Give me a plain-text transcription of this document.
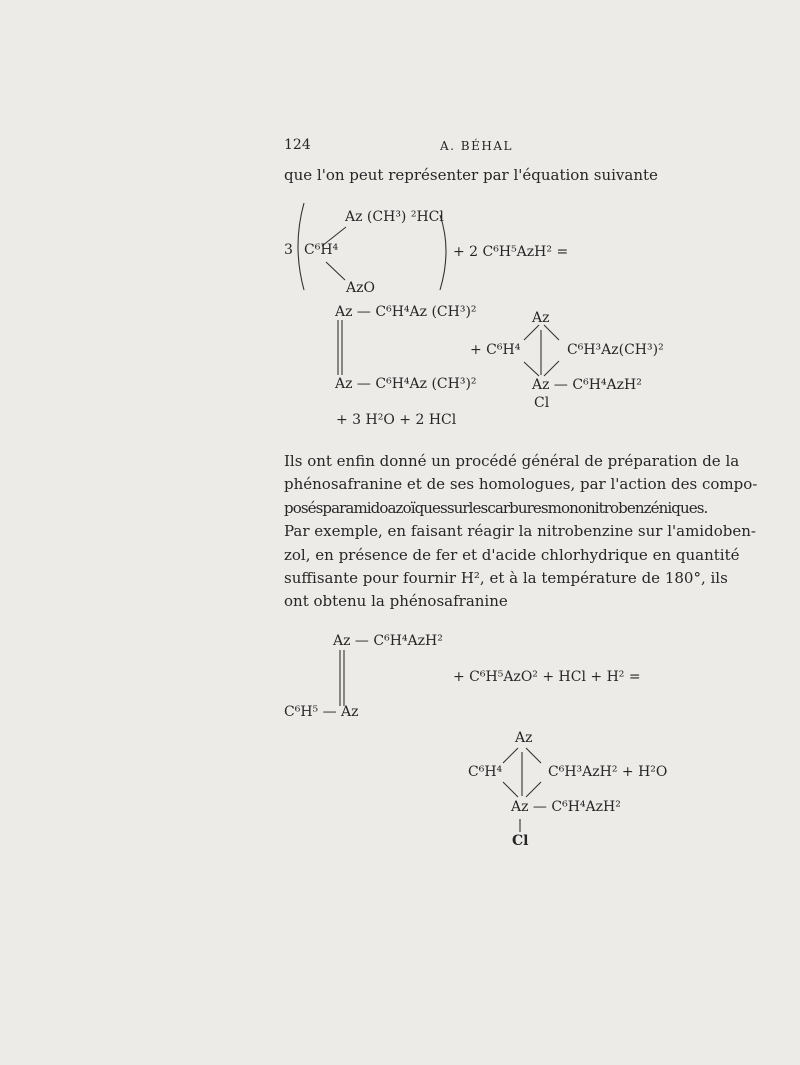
124	A. BÉHAL
que l'on peut représenter par l'équation suivante
3
Az (CH³) ²HCl
C⁶H⁴
AzO
+ 2 C⁶H⁵AzH² =
Az — C⁶H⁴Az (CH³)²
Az — C⁶H⁴Az (CH³)²
+ 3 H²O + 2 HCl
Az
+ C⁶H⁴	C⁶H³Az(CH³)²
Az — C⁶H⁴AzH²
Cl
Ils ont enfin donné un procédé général de préparation de la
phénosafranine et de ses homologues, par l'action des compo-
posésparamidoazoïquessurlescarburesmononitrobenzéniques.
Par exemple, en faisant réagir la nitrobenzine sur l'amidoben-
zol, en présence de fer et d'acide chlorhydrique en quantité
suffisante pour fournir H², et à la température de 180°, ils
ont obtenu la phénosafranine
Az — C⁶H⁴AzH²
C⁶H⁵ — Az
+ C⁶H⁵AzO² + HCl + H² =
Az
C⁶H⁴	C⁶H³AzH² + H²O
Az — C⁶H⁴AzH²
Cl
